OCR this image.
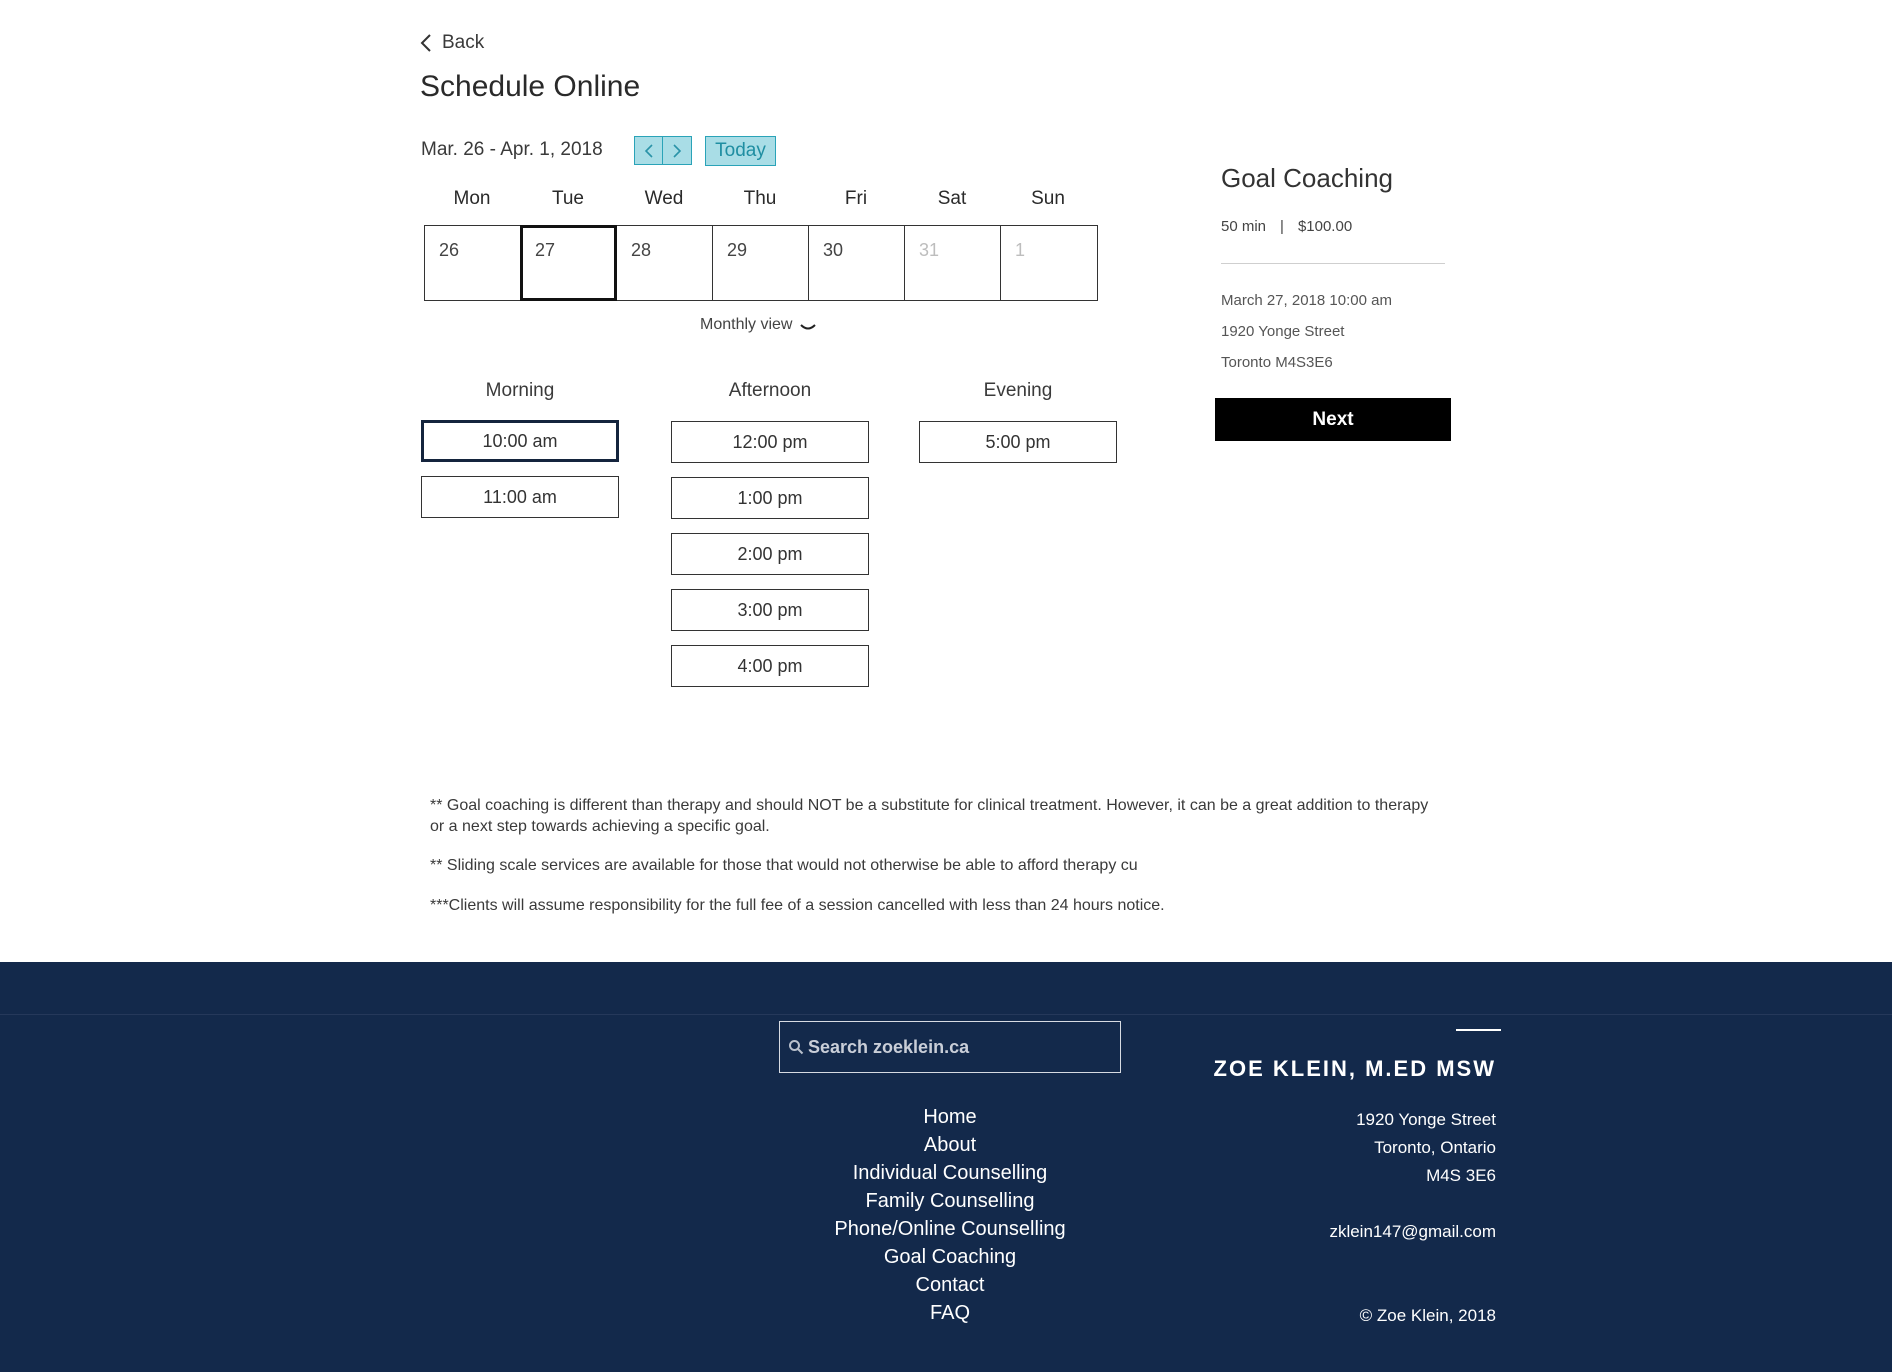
Back
Schedule Online
Mar. 26 - Apr. 1, 2018	Today
Mon	Tue	Wed	Thu	Fri	Sat	Sun
26	27	28	29	30	31	1
Monthly view
Morning
10:00 am
11:00 am
Afternoon
12:00 pm
1:00 pm
2:00 pm
3:00 pm
4:00 pm
Evening
5:00 pm
Goal Coaching
50 min | $100.00
March 27, 2018 10:00 am
1920 Yonge Street
Toronto M4S3E6
Next

** Goal coaching is different than therapy and should NOT be a substitute for clinical treatment. However, it can be a great addition to therapy or a next step towards achieving a specific goal.

** Sliding scale services are available for those that would not otherwise be able to afford therapy cu

***Clients will assume responsibility for the full fee of a session cancelled with less than 24 hours notice.

Search zoeklein.ca
Home
About
Individual Counselling
Family Counselling
Phone/Online Counselling
Goal Coaching
Contact
FAQ
ZOE KLEIN, M.ED MSW
1920 Yonge Street
Toronto, Ontario
M4S 3E6
zklein147@gmail.com
© Zoe Klein, 2018
